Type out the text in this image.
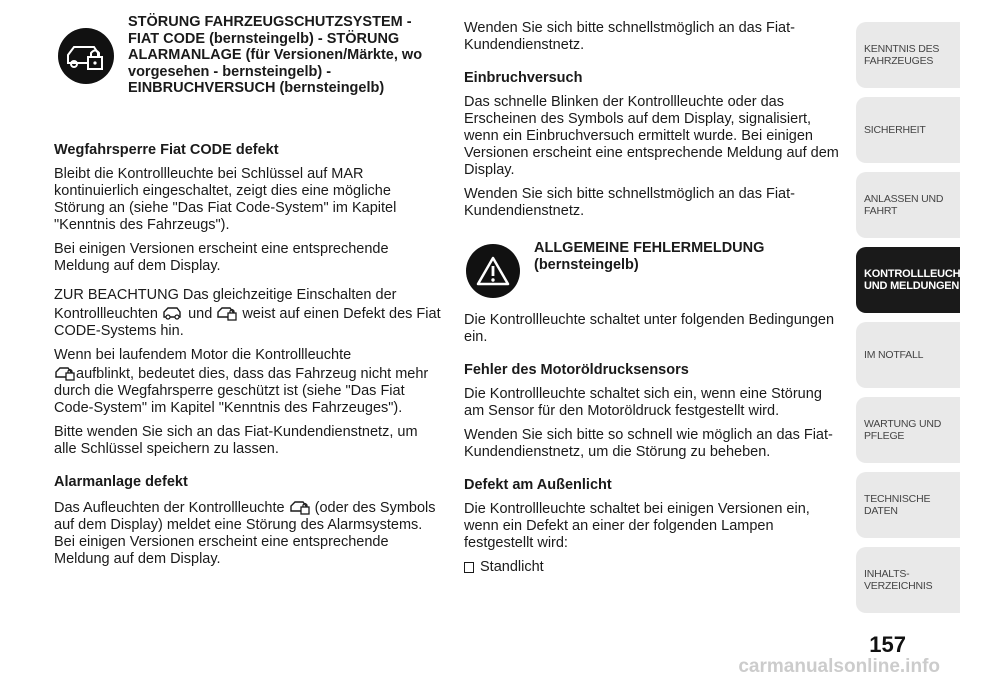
STÖRUNG FAHRZEUGSCHUTZSYSTEM - FIAT CODE (bernsteingelb) - STÖRUNG ALARMANLAGE (für Versionen/Märkte, wo vorgesehen - bernsteingelb) - EINBRUCHVERSUCH (bernsteingelb)
Wegfahrsperre Fiat CODE defekt

Bleibt die Kontrollleuchte bei Schlüssel auf MAR kontinuierlich eingeschaltet, zeigt dies eine mögliche Störung an (siehe "Das Fiat Code-System" im Kapitel "Kenntnis des Fahrzeugs").

Bei einigen Versionen erscheint eine entsprechende Meldung auf dem Display.

ZUR BEACHTUNG Das gleichzeitige Einschalten der Kontrollleuchten und weist auf einen Defekt des Fiat CODE-Systems hin.

Wenn bei laufendem Motor die Kontrollleuchte
aufblinkt, bedeutet dies, dass das Fahrzeug nicht mehr durch die Wegfahrsperre geschützt ist (siehe "Das Fiat Code-System" im Kapitel "Kenntnis des Fahrzeuges").

Bitte wenden Sie sich an das Fiat-Kundendienstnetz, um alle Schlüssel speichern zu lassen.

Alarmanlage defekt

Das Aufleuchten der Kontrollleuchte (oder des Symbols auf dem Display) meldet eine Störung des Alarmsystems. Bei einigen Versionen erscheint eine entsprechende Meldung auf dem Display.

Wenden Sie sich bitte schnellstmöglich an das Fiat-Kundendienstnetz.

Einbruchversuch

Das schnelle Blinken der Kontrollleuchte oder das Erscheinen des Symbols auf dem Display, signalisiert, wenn ein Einbruchversuch ermittelt wurde. Bei einigen Versionen erscheint eine entsprechende Meldung auf dem Display.

Wenden Sie sich bitte schnellstmöglich an das Fiat-Kundendienstnetz.

ALLGEMEINE FEHLERMELDUNG (bernsteingelb)

Die Kontrollleuchte schaltet unter folgenden Bedingungen ein.

Fehler des Motoröldrucksensors

Die Kontrollleuchte schaltet sich ein, wenn eine Störung am Sensor für den Motoröldruck festgestellt wird.

Wenden Sie sich bitte so schnell wie möglich an das Fiat-Kundendienstnetz, um die Störung zu beheben.

Defekt am Außenlicht

Die Kontrollleuchte schaltet bei einigen Versionen ein, wenn ein Defekt an einer der folgenden Lampen festgestellt wird:

Standlicht
KENNTNIS DES FAHRZEUGES
SICHERHEIT
ANLASSEN UND FAHRT
KONTROLLLEUCHTEN UND MELDUNGEN
IM NOTFALL
WARTUNG UND PFLEGE
TECHNISCHE DATEN
INHALTS-VERZEICHNIS
157
carmanualsonline.info
